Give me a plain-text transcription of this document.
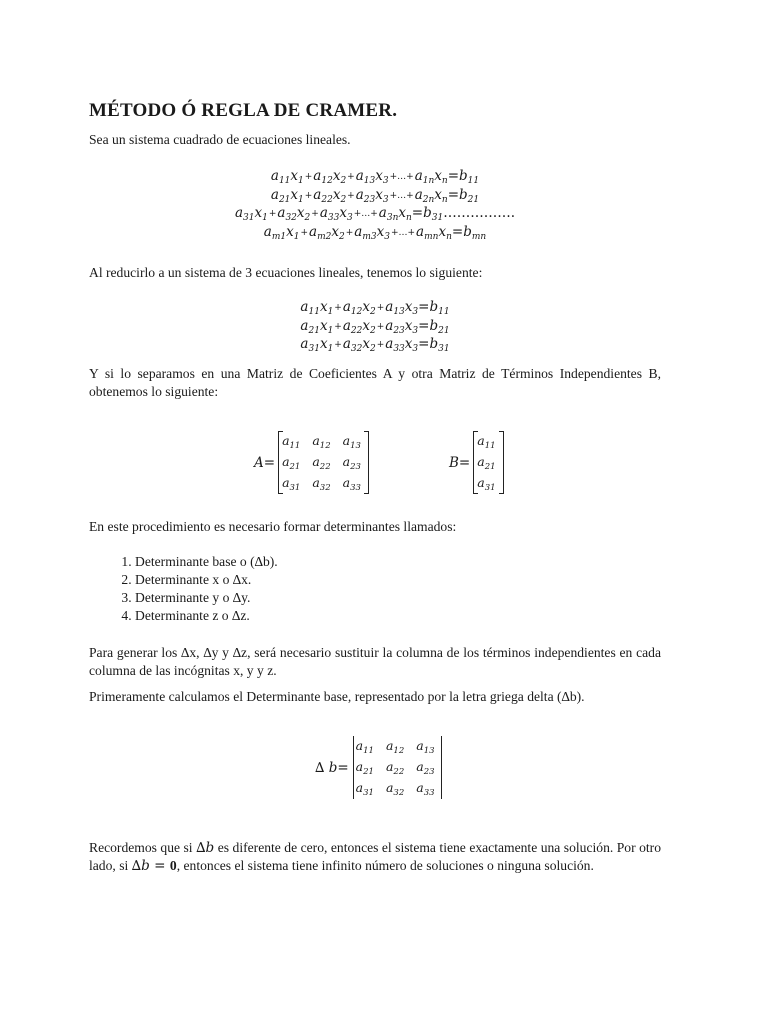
MÉTODO Ó REGLA DE CRAMER.
Sea un sistema cuadrado de ecuaciones lineales.
$a_{11}x_1+a_{12}x_2+a_{13}x_3+\dots+a_{1n}x_n=b_{11}$
$a_{21}x_1+a_{22}x_2+a_{23}x_3+\dots+a_{2n}x_n=b_{21}$
$a_{31}x_1+a_{32}x_2+a_{33}x_3+\dots+a_{3n}x_n=b_{31}\dots\dots\dots\dots\dots$.
$a_{m1}x_1+a_{m2}x_2+a_{m3}x_3+\dots+a_{mn}x_n=b_{mn}$
Al reducirlo a un sistema de 3 ecuaciones lineales, tenemos lo siguiente:
$a_{11}x_1+a_{12}x_2+a_{13}x_3=b_{11}$
$a_{21}x_1+a_{22}x_2+a_{23}x_3=b_{21}$
$a_{31}x_1+a_{32}x_2+a_{33}x_3=b_{31}$
Y si lo separamos en una Matriz de Coeficientes A y otra Matriz de Términos Independientes B, obtenemos lo siguiente:
A=
$a_{11}$	$a_{12}$	$a_{13}$
$a_{21}$	$a_{22}$	$a_{23}$
$a_{31}$	$a_{32}$	$a_{33}$
B=
$a_{11}$
$a_{21}$
$a_{31}$
En este procedimiento es necesario formar determinantes llamados:
1. Determinante base o (∆b).
2. Determinante x o ∆x.
3. Determinante y o ∆y.
4. Determinante z o ∆z.
Para generar los ∆x, ∆y y ∆z, será necesario sustituir la columna de los términos independientes en cada columna de las incógnitas x, y y z.
Primeramente calculamos el Determinante base, representado por la letra griega delta (∆b).
∆ b=
$a_{11}$	$a_{12}$	$a_{13}$
$a_{21}$	$a_{22}$	$a_{23}$
$a_{31}$	$a_{32}$	$a_{33}$
Recordemos que si ∆b es diferente de cero, entonces el sistema tiene exactamente una solución. Por otro lado, si ∆b = 0, entonces el sistema tiene infinito número de soluciones o ninguna solución.
